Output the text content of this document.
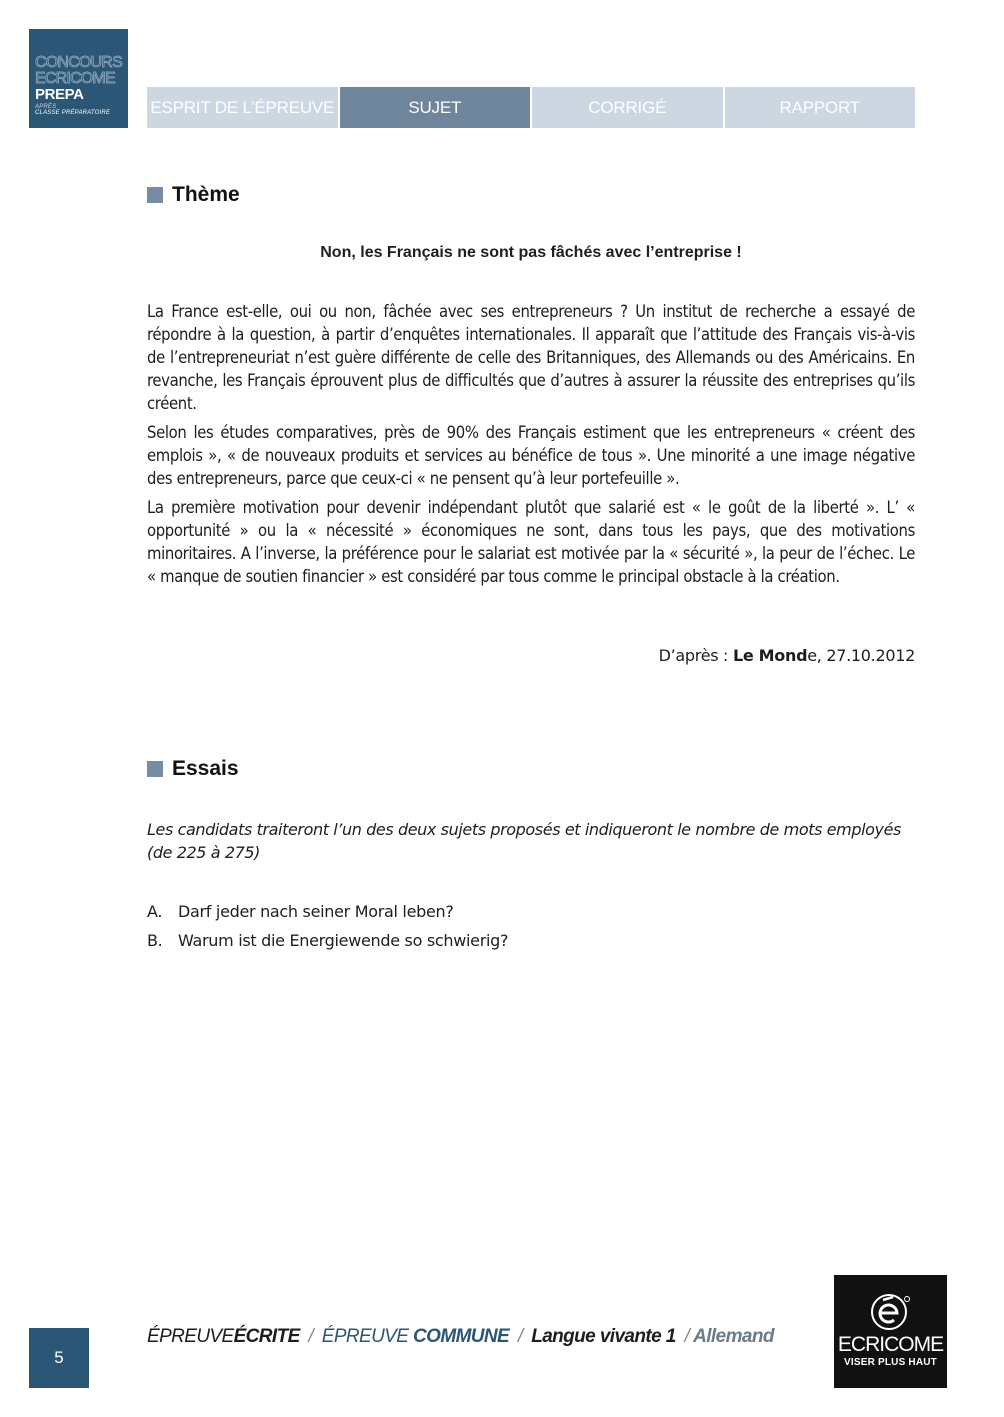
CONCOURS
ECRICOME
PREPA
APRÈS
CLASSE PRÉPARATOIRE	ESPRIT DE L’ÉPREUVE	SUJET	CORRIGÉ	RAPPORT
Thème
Non, les Français ne sont pas fâchés avec l’entreprise !

La France est-elle, oui ou non, fâchée avec ses entrepreneurs ? Un institut de recherche a essayé de répondre à la question, à partir d’enquêtes internationales. Il apparaît que l’attitude des Français vis-à-vis de l’entrepreneuriat n’est guère différente de celle des Britanniques, des Allemands ou des Américains. En revanche, les Français éprouvent plus de difficultés que d’autres à assurer la réussite des entreprises qu’ils créent.

Selon les études comparatives, près de 90% des Français estiment que les entrepreneurs « créent des emplois », « de nouveaux produits et services au bénéfice de tous ». Une minorité a une image négative des entrepreneurs, parce que ceux-ci « ne pensent qu’à leur portefeuille ».

La première motivation pour devenir indépendant plutôt que salarié est « le goût de la liberté ». L’ « opportunité » ou la « nécessité » économiques ne sont, dans tous les pays, que des motivations minoritaires. A l’inverse, la préférence pour le salariat est motivée par la « sécurité », la peur de l’échec. Le « manque de soutien financier » est considéré par tous comme le principal obstacle à la création.

D’après : Le Monde, 27.10.2012
Essais
Les candidats traiteront l’un des deux sujets proposés et indiqueront le nombre de mots employés (de 225 à 275)
A. Darf jeder nach seiner Moral leben?
B. Warum ist die Energiewende so schwierig?
5
ÉPREUVEÉCRITE / ÉPREUVE COMMUNE / Langue vivante 1 / Allemand	ECRICOME
VISER PLUS HAUT
